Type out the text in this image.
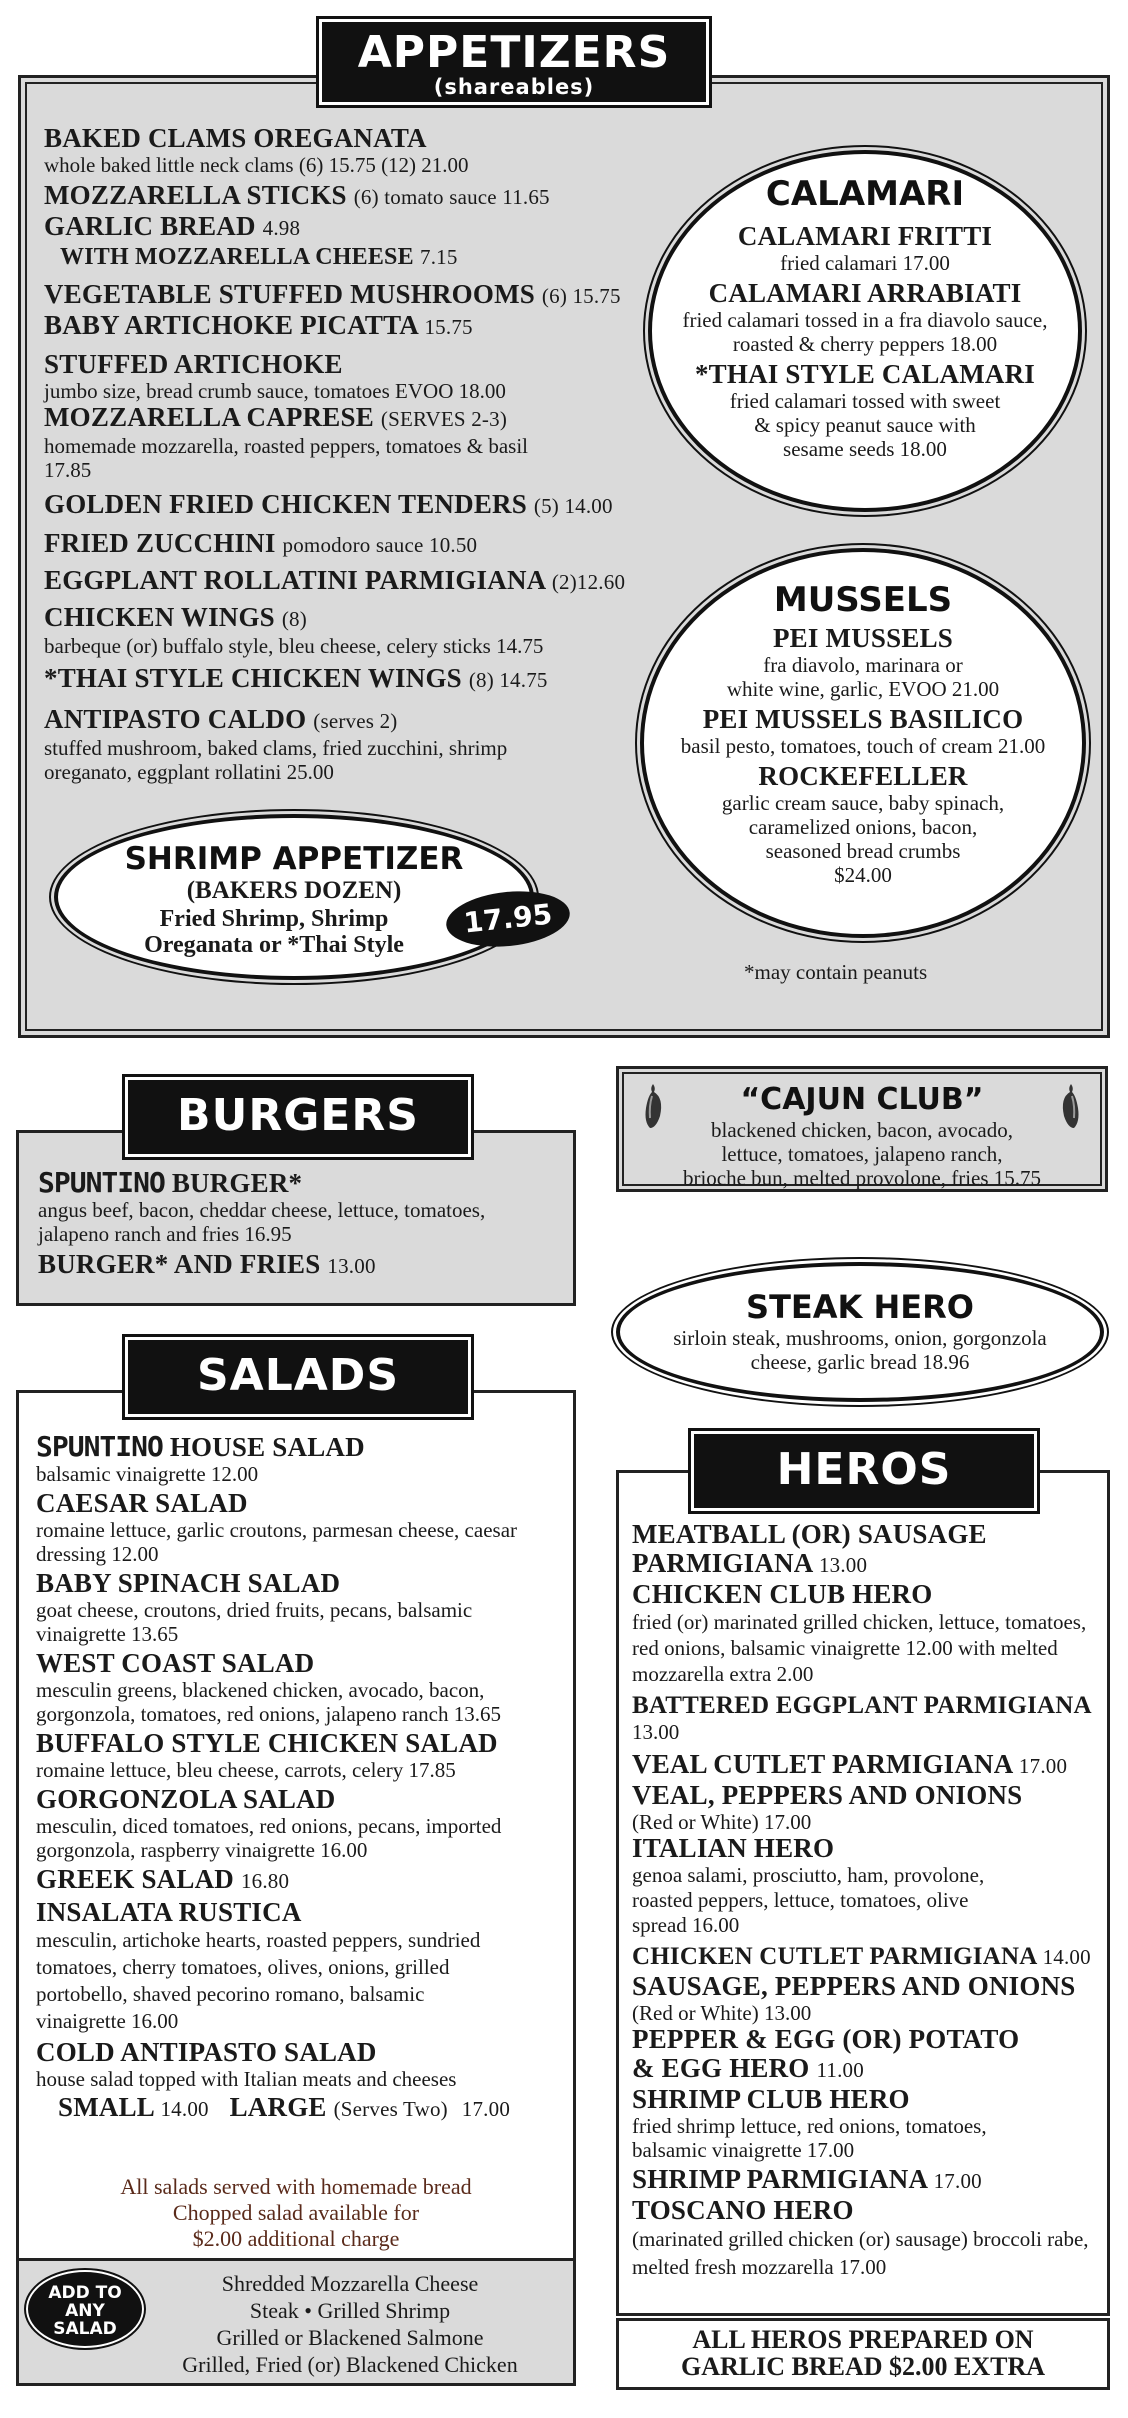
APPETIZERS
(shareables)
BAKED CLAMS OREGANATA
whole baked little neck clams (6) 15.75 (12) 21.00
MOZZARELLA STICKS (6) tomato sauce 11.65
GARLIC BREAD 4.98
WITH MOZZARELLA CHEESE 7.15
VEGETABLE STUFFED MUSHROOMS (6) 15.75
BABY ARTICHOKE PICATTA 15.75
STUFFED ARTICHOKE
jumbo size, bread crumb sauce, tomatoes EVOO 18.00
MOZZARELLA CAPRESE (SERVES 2-3)
homemade mozzarella, roasted peppers, tomatoes & basil 17.85
GOLDEN FRIED CHICKEN TENDERS (5) 14.00
FRIED ZUCCHINI pomodoro sauce 10.50
EGGPLANT ROLLATINI PARMIGIANA (2)12.60
CHICKEN WINGS (8)
barbeque (or) buffalo style, bleu cheese, celery sticks 14.75
*THAI STYLE CHICKEN WINGS (8) 14.75
ANTIPASTO CALDO (serves 2)
stuffed mushroom, baked clams, fried zucchini, shrimp oreganato, eggplant rollatini 25.00
SHRIMP APPETIZER
(BAKERS DOZEN)
Fried Shrimp, Shrimp
Oreganata or *Thai Style
17.95
CALAMARI
CALAMARI FRITTI
fried calamari 17.00
CALAMARI ARRABIATI
fried calamari tossed in a fra diavolo sauce,
roasted & cherry peppers 18.00
*THAI STYLE CALAMARI
fried calamari tossed with sweet
& spicy peanut sauce with
sesame seeds 18.00
MUSSELS
PEI MUSSELS
fra diavolo, marinara or
white wine, garlic, EVOO 21.00
PEI MUSSELS BASILICO
basil pesto, tomatoes, touch of cream 21.00
ROCKEFELLER
garlic cream sauce, baby spinach,
caramelized onions, bacon,
seasoned bread crumbs
$24.00
*may contain peanuts
BURGERS
SPUNTINO BURGER*
angus beef, bacon, cheddar cheese, lettuce, tomatoes, jalapeno ranch and fries 16.95
BURGER* AND FRIES 13.00
“CAJUN CLUB”
blackened chicken, bacon, avocado,
lettuce, tomatoes, jalapeno ranch,
brioche bun, melted provolone, fries 15.75
STEAK HERO
sirloin steak, mushrooms, onion, gorgonzola
cheese, garlic bread 18.96
SALADS
SPUNTINO HOUSE SALAD
balsamic vinaigrette 12.00
CAESAR SALAD
romaine lettuce, garlic croutons, parmesan cheese, caesar dressing 12.00
BABY SPINACH SALAD
goat cheese, croutons, dried fruits, pecans, balsamic vinaigrette 13.65
WEST COAST SALAD
mesculin greens, blackened chicken, avocado, bacon, gorgonzola, tomatoes, red onions, jalapeno ranch 13.65
BUFFALO STYLE CHICKEN SALAD
romaine lettuce, bleu cheese, carrots, celery 17.85
GORGONZOLA SALAD
mesculin, diced tomatoes, red onions, pecans, imported gorgonzola, raspberry vinaigrette 16.00
GREEK SALAD 16.80
INSALATA RUSTICA
mesculin, artichoke hearts, roasted peppers, sundried tomatoes, cherry tomatoes, olives, onions, grilled portobello, shaved pecorino romano, balsamic vinaigrette 16.00
COLD ANTIPASTO SALAD
house salad topped with Italian meats and cheeses
SMALL 14.00 LARGE (Serves Two) 17.00
All salads served with homemade bread
Chopped salad available for
$2.00 additional charge
ADD TO ANY SALAD
Shredded Mozzarella Cheese
Steak • Grilled Shrimp
Grilled or Blackened Salmone
Grilled, Fried (or) Blackened Chicken
HEROS
MEATBALL (OR) SAUSAGE PARMIGIANA 13.00
CHICKEN CLUB HERO
fried (or) marinated grilled chicken, lettuce, tomatoes, red onions, balsamic vinaigrette 12.00 with melted mozzarella extra 2.00
BATTERED EGGPLANT PARMIGIANA
13.00
VEAL CUTLET PARMIGIANA 17.00
VEAL, PEPPERS AND ONIONS
(Red or White) 17.00
ITALIAN HERO
genoa salami, prosciutto, ham, provolone, roasted peppers, lettuce, tomatoes, olive spread 16.00
CHICKEN CUTLET PARMIGIANA 14.00
SAUSAGE, PEPPERS AND ONIONS
(Red or White) 13.00
PEPPER & EGG (OR) POTATO & EGG HERO 11.00
SHRIMP CLUB HERO
fried shrimp lettuce, red onions, tomatoes, balsamic vinaigrette 17.00
SHRIMP PARMIGIANA 17.00
TOSCANO HERO
(marinated grilled chicken (or) sausage) broccoli rabe, melted fresh mozzarella 17.00
ALL HEROS PREPARED ON
GARLIC BREAD $2.00 EXTRA
